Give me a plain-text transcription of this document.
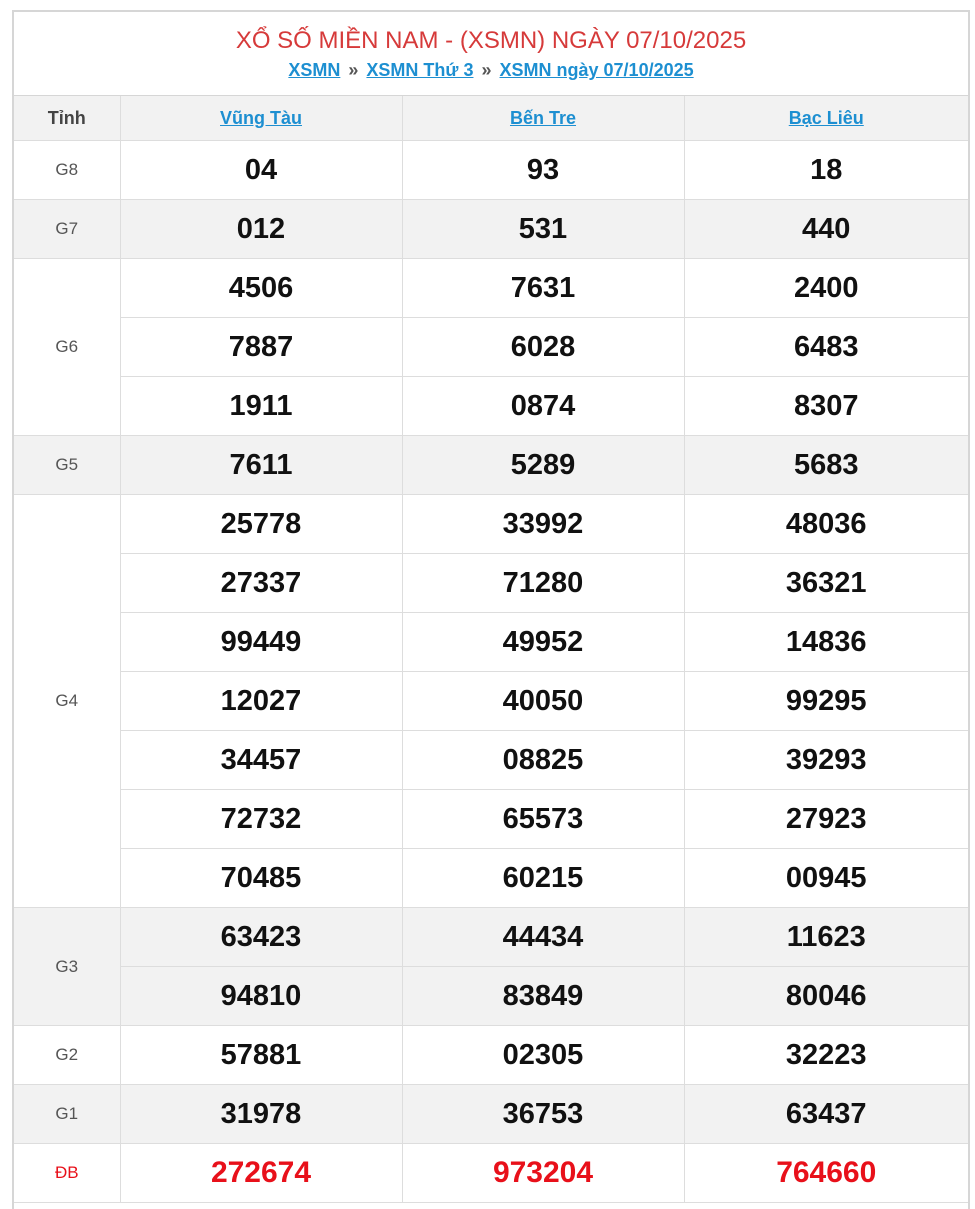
XỔ SỐ MIỀN NAM - (XSMN) NGÀY 07/10/2025
XSMN » XSMN Thứ 3 » XSMN ngày 07/10/2025
Tỉnh	Vũng Tàu	Bến Tre	Bạc Liêu
G8	04	93	18
G7	012	531	440
G6	4506	7631	2400
	7887	6028	6483
	1911	0874	8307
G5	7611	5289	5683
G4	25778	33992	48036
	27337	71280	36321
	99449	49952	14836
	12027	40050	99295
	34457	08825	39293
	72732	65573	27923
	70485	60215	00945
G3	63423	44434	11623
	94810	83849	80046
G2	57881	02305	32223
G1	31978	36753	63437
ĐB	272674	973204	764660
